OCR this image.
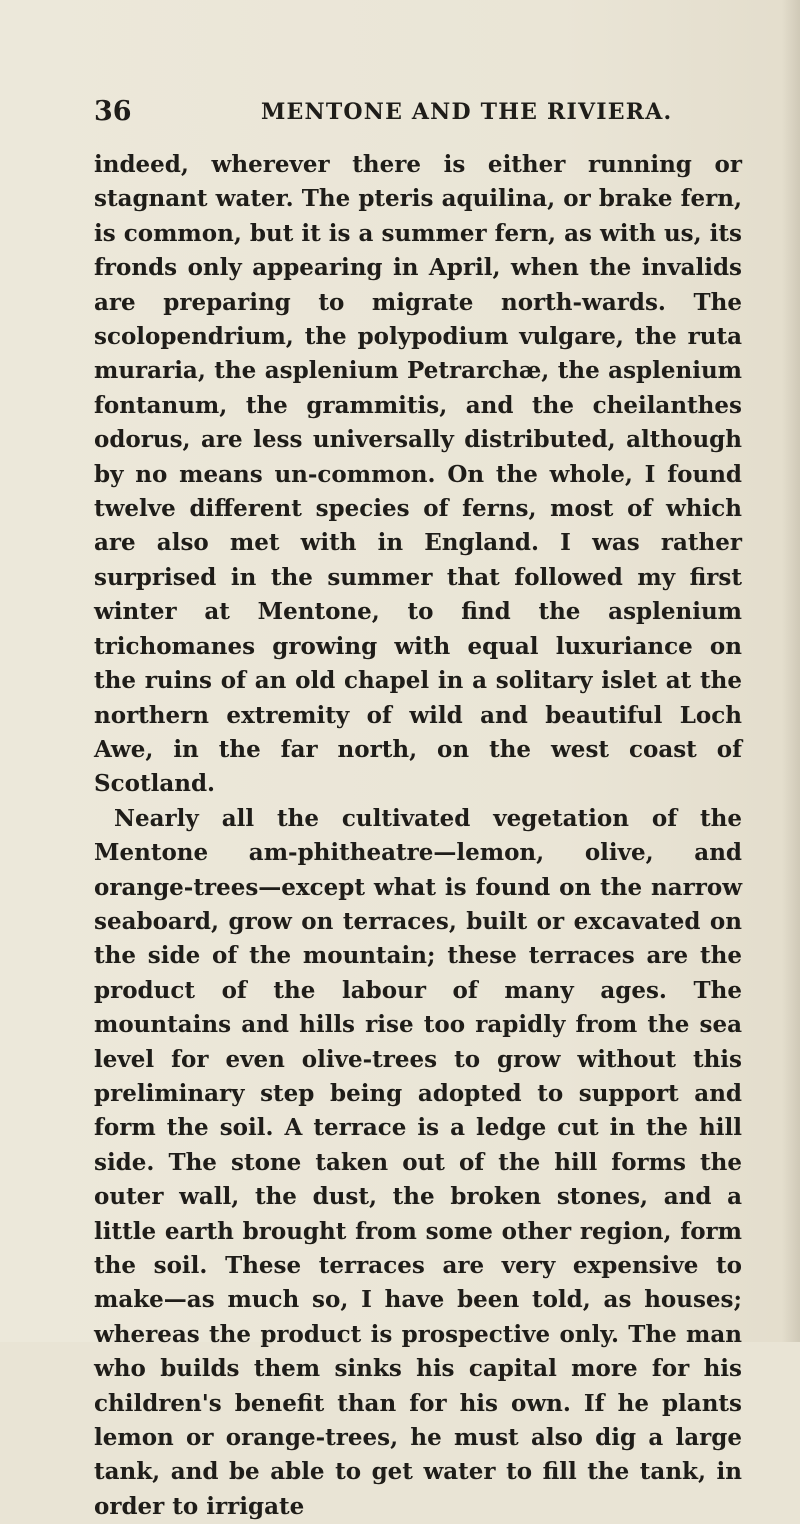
36	MENTONE AND THE RIVIERA.

indeed, wherever there is either running or stagnant water. The pteris aquilina, or brake fern, is common, but it is a summer fern, as with us, its fronds only appearing in April, when the invalids are preparing to migrate north-wards. The scolopendrium, the polypodium vulgare, the ruta muraria, the asplenium Petrarchæ, the asplenium fontanum, the grammitis, and the cheilanthes odorus, are less universally distributed, although by no means un-common. On the whole, I found twelve different species of ferns, most of which are also met with in England. I was rather surprised in the summer that followed my first winter at Mentone, to find the asplenium trichomanes growing with equal luxuriance on the ruins of an old chapel in a solitary islet at the northern extremity of wild and beautiful Loch Awe, in the far north, on the west coast of Scotland.

Nearly all the cultivated vegetation of the Mentone am-phitheatre—lemon, olive, and orange-trees—except what is found on the narrow seaboard, grow on terraces, built or excavated on the side of the mountain; these terraces are the product of the labour of many ages. The mountains and hills rise too rapidly from the sea level for even olive-trees to grow without this preliminary step being adopted to support and form the soil. A terrace is a ledge cut in the hill side. The stone taken out of the hill forms the outer wall, the dust, the broken stones, and a little earth brought from some other region, form the soil. These terraces are very expensive to make—as much so, I have been told, as houses; whereas the product is prospective only. The man who builds them sinks his capital more for his children's benefit than for his own. If he plants lemon or orange-trees, he must also dig a large tank, and be able to get water to fill the tank, in order to irrigate
